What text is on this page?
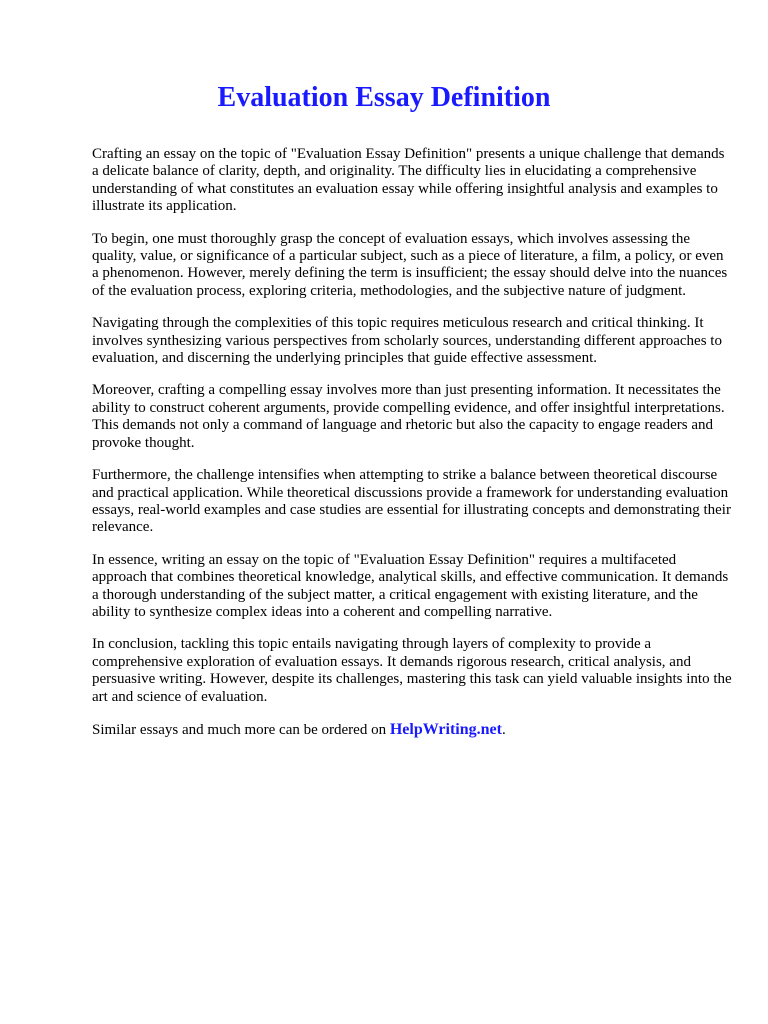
Evaluation Essay Definition

Crafting an essay on the topic of "Evaluation Essay Definition" presents a unique challenge that demands a delicate balance of clarity, depth, and originality. The difficulty lies in elucidating a comprehensive understanding of what constitutes an evaluation essay while offering insightful analysis and examples to illustrate its application.

To begin, one must thoroughly grasp the concept of evaluation essays, which involves assessing the quality, value, or significance of a particular subject, such as a piece of literature, a film, a policy, or even a phenomenon. However, merely defining the term is insufficient; the essay should delve into the nuances of the evaluation process, exploring criteria, methodologies, and the subjective nature of judgment.

Navigating through the complexities of this topic requires meticulous research and critical thinking. It involves synthesizing various perspectives from scholarly sources, understanding different approaches to evaluation, and discerning the underlying principles that guide effective assessment.

Moreover, crafting a compelling essay involves more than just presenting information. It necessitates the ability to construct coherent arguments, provide compelling evidence, and offer insightful interpretations. This demands not only a command of language and rhetoric but also the capacity to engage readers and provoke thought.

Furthermore, the challenge intensifies when attempting to strike a balance between theoretical discourse and practical application. While theoretical discussions provide a framework for understanding evaluation essays, real-world examples and case studies are essential for illustrating concepts and demonstrating their relevance.

In essence, writing an essay on the topic of "Evaluation Essay Definition" requires a multifaceted approach that combines theoretical knowledge, analytical skills, and effective communication. It demands a thorough understanding of the subject matter, a critical engagement with existing literature, and the ability to synthesize complex ideas into a coherent and compelling narrative.

In conclusion, tackling this topic entails navigating through layers of complexity to provide a comprehensive exploration of evaluation essays. It demands rigorous research, critical analysis, and persuasive writing. However, despite its challenges, mastering this task can yield valuable insights into the art and science of evaluation.

Similar essays and much more can be ordered on HelpWriting.net.
